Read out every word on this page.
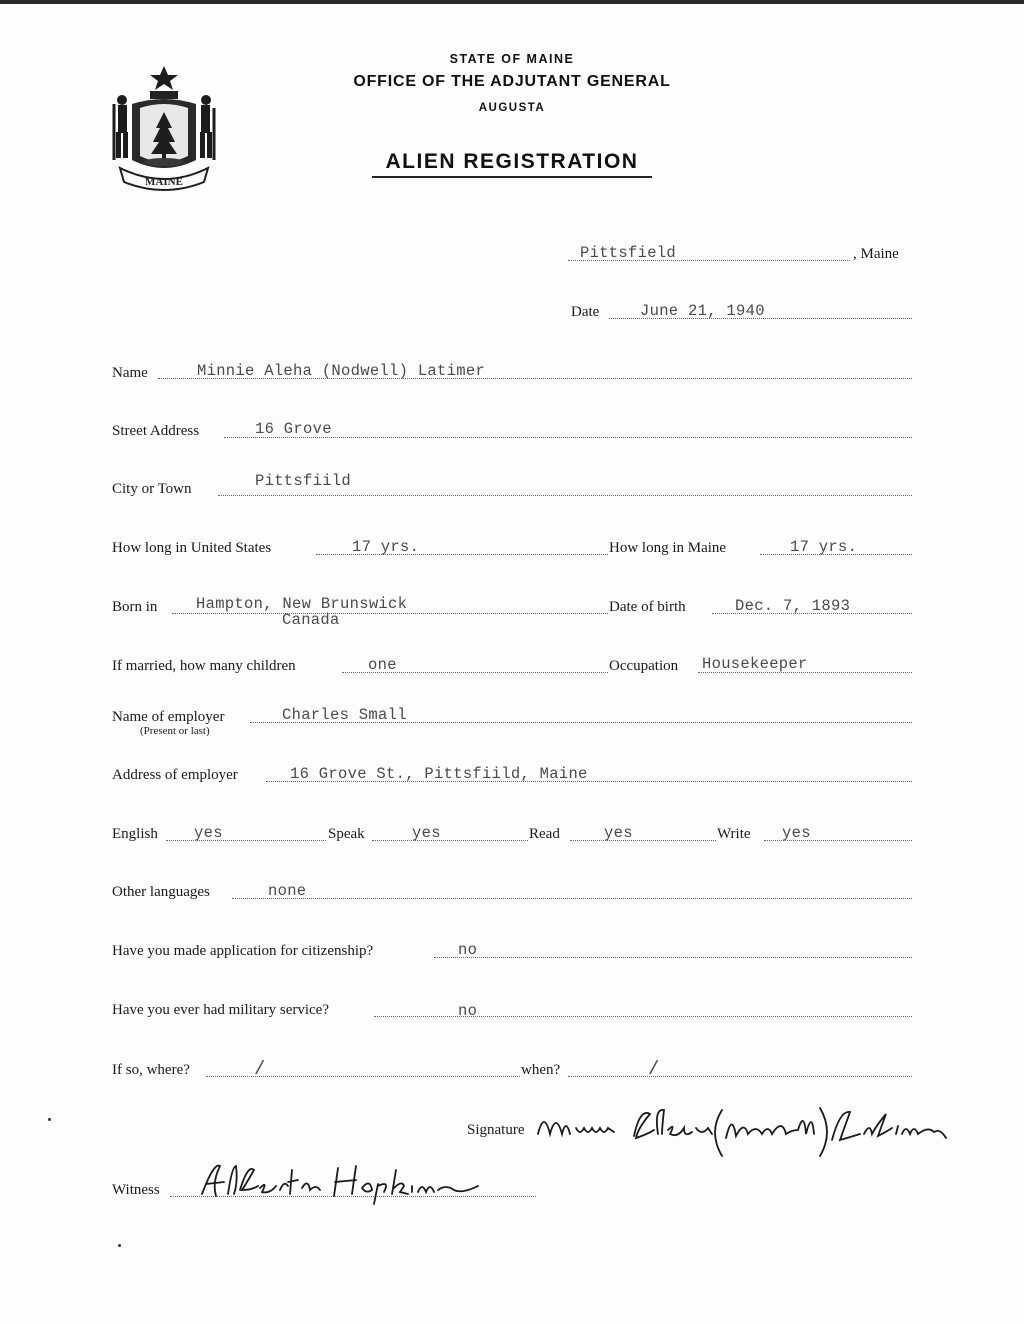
MAINE
STATE OF MAINE
OFFICE OF THE ADJUTANT GENERAL
AUGUSTA
ALIEN REGISTRATION
Pittsfield	, Maine
Date	June 21, 1940
Name	Minnie Aleha (Nodwell) Latimer
Street Address	16 Grove
City or Town	Pittsfiild
How long in United States	17 yrs.	How long in Maine	17 yrs.
Born in Hampton, New Brunswick
Canada
Date of birth	Dec. 7, 1893
If married, how many children	one	Occupation Housekeeper
Name of employer
(Present or last)
Charles Small
Address of employer	16 Grove St., Pittsfiild, Maine
English yes	Speak	yes	Read	yes	Write yes
Other languages	none
Have you made application for citizenship?	no
Have you ever had military service?	no
If so, where?	/	when?	/
Signature
Witness
